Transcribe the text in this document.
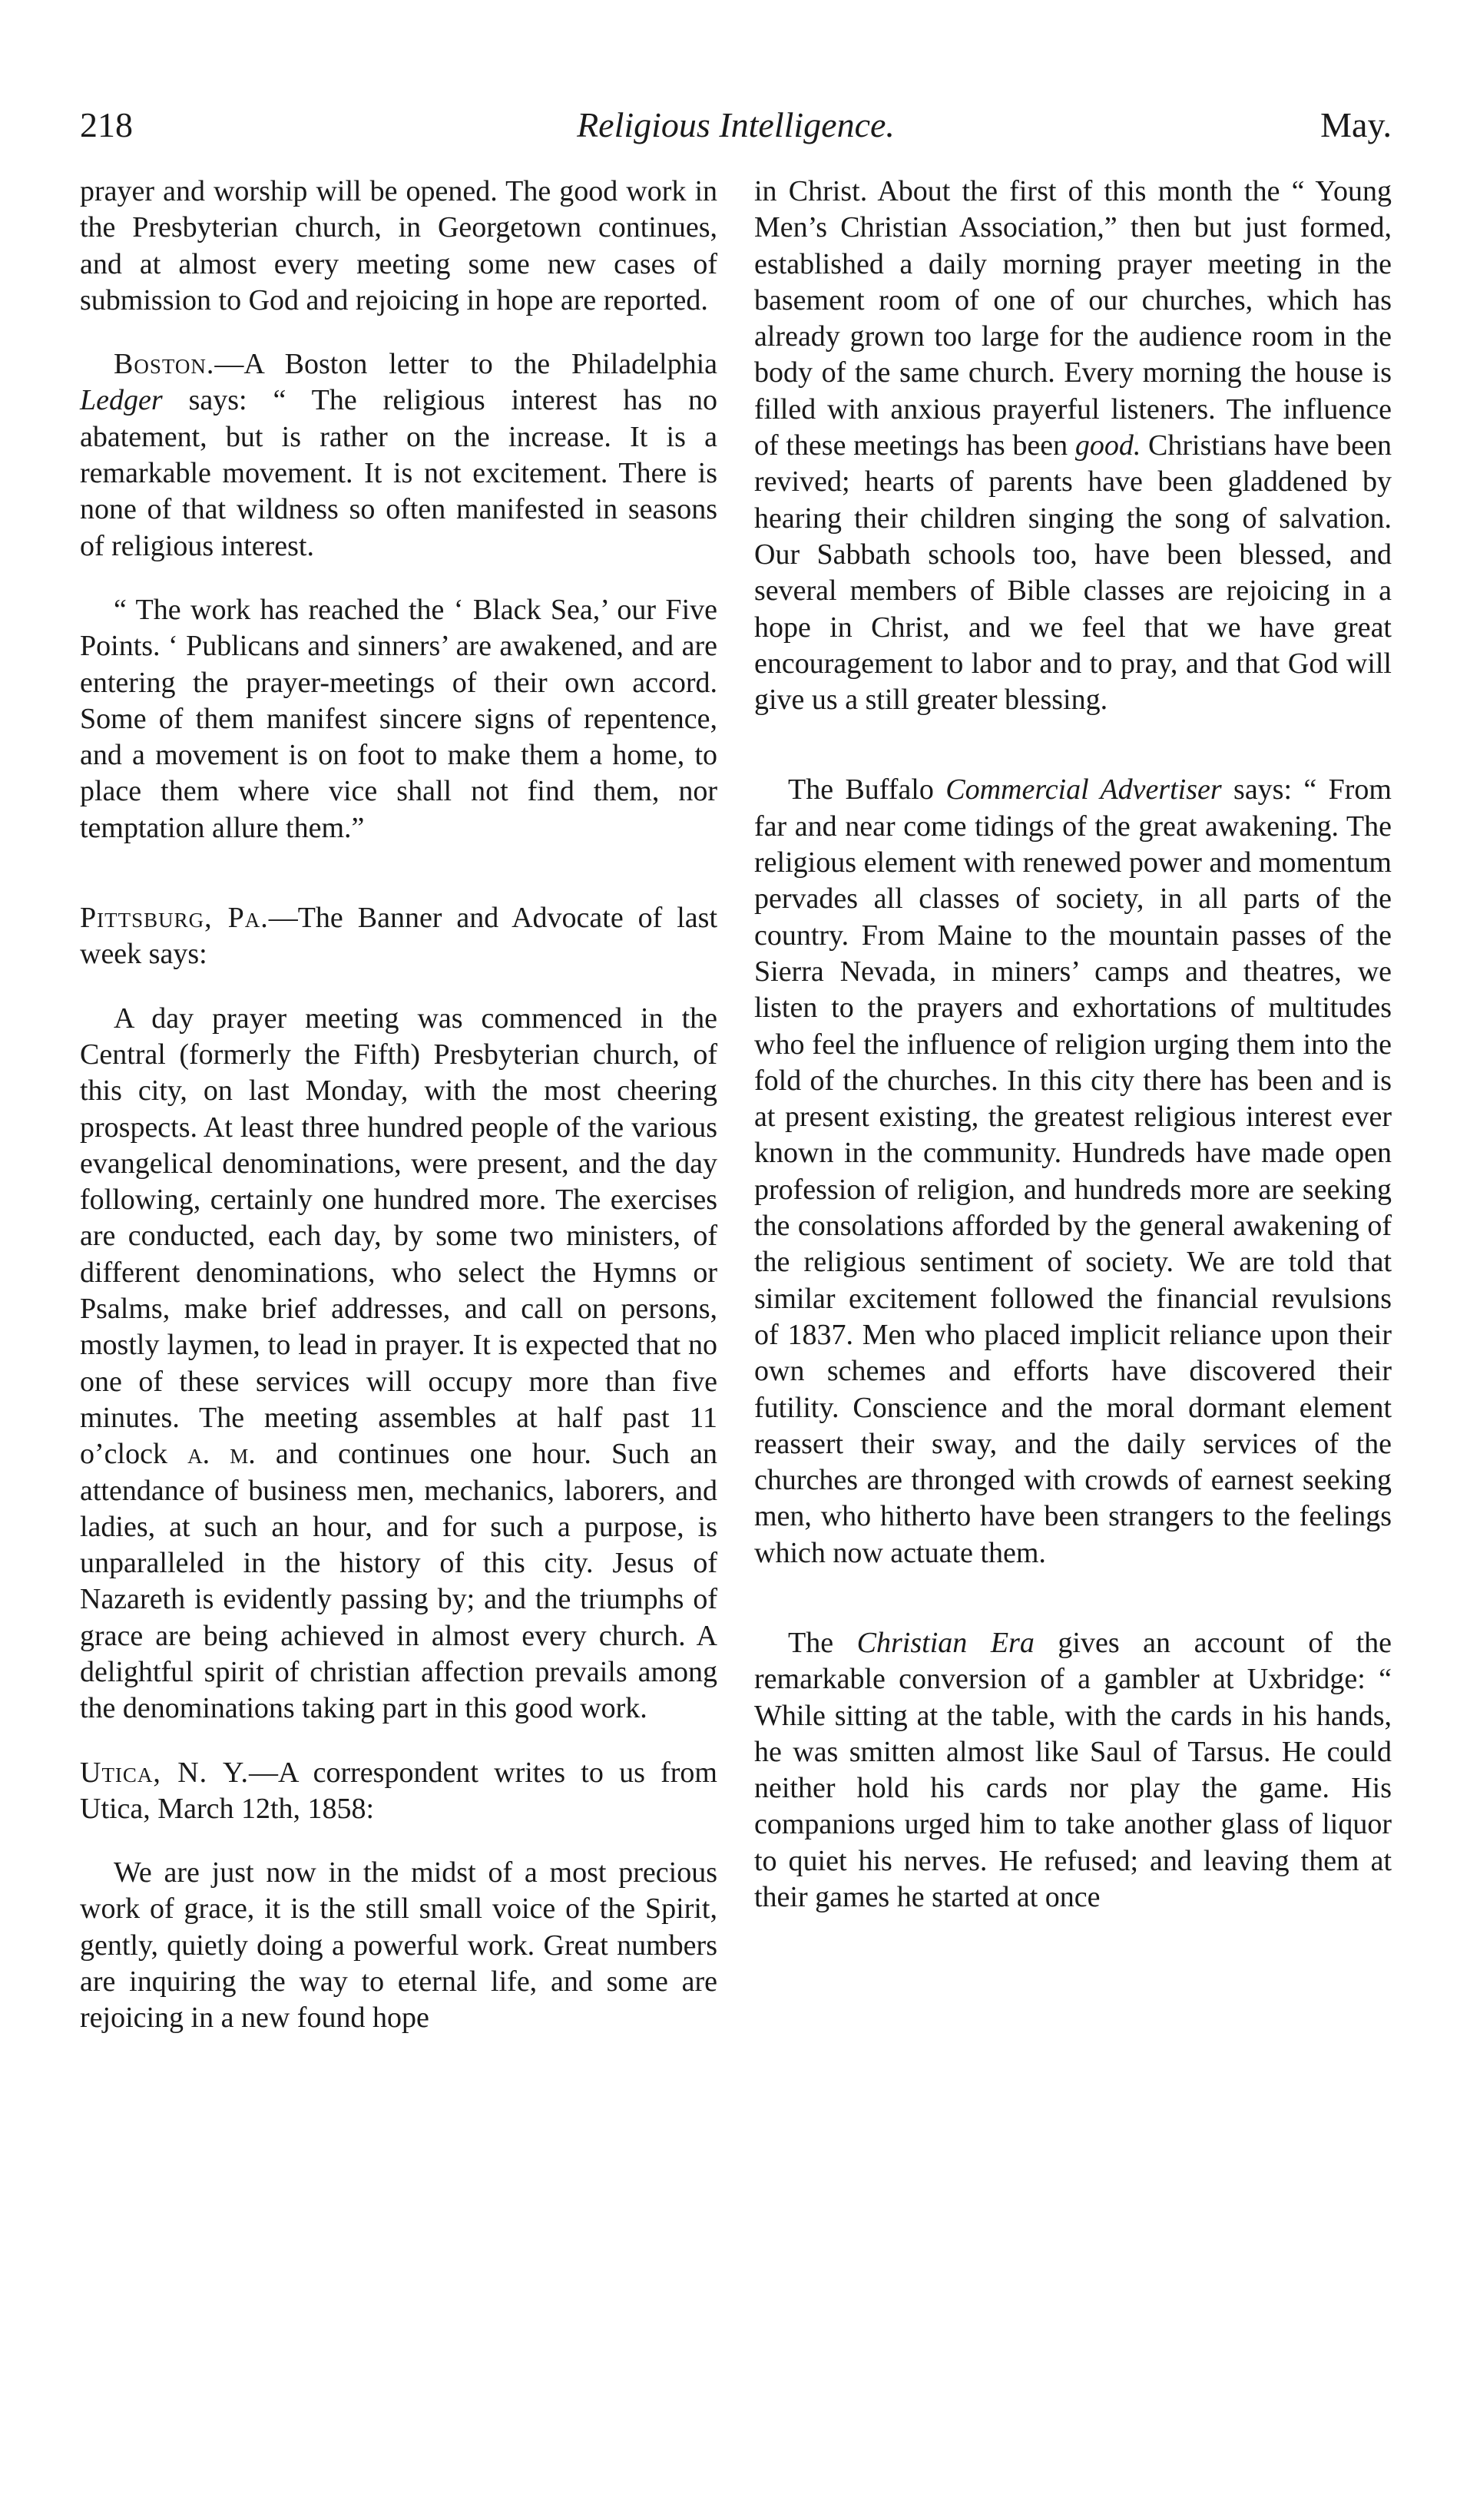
218	Religious Intelligence.	May.

prayer and worship will be opened. The good work in the Presbyterian church, in Georgetown continues, and at almost every meeting some new cases of submission to God and rejoicing in hope are reported.

Boston.—A Boston letter to the Philadelphia Ledger says: “ The religious interest has no abatement, but is rather on the increase. It is a remarkable movement. It is not excitement. There is none of that wildness so often manifested in seasons of religious interest.

“ The work has reached the ‘ Black Sea,’ our Five Points. ‘ Publicans and sinners’ are awakened, and are entering the prayer-meetings of their own accord. Some of them manifest sincere signs of repentence, and a movement is on foot to make them a home, to place them where vice shall not find them, nor temptation allure them.”

Pittsburg, Pa.—The Banner and Advocate of last week says:

A day prayer meeting was commenced in the Central (formerly the Fifth) Presbyterian church, of this city, on last Monday, with the most cheering prospects. At least three hundred people of the various evangelical denominations, were present, and the day following, certainly one hundred more. The exercises are conducted, each day, by some two ministers, of different denominations, who select the Hymns or Psalms, make brief addresses, and call on persons, mostly laymen, to lead in prayer. It is expected that no one of these services will occupy more than five minutes. The meeting assembles at half past 11 o’clock a. m. and continues one hour. Such an attendance of business men, mechanics, laborers, and ladies, at such an hour, and for such a purpose, is unparalleled in the history of this city. Jesus of Nazareth is evidently passing by; and the triumphs of grace are being achieved in almost every church. A delightful spirit of christian affection prevails among the denominations taking part in this good work.

Utica, N. Y.—A correspondent writes to us from Utica, March 12th, 1858:

We are just now in the midst of a most precious work of grace, it is the still small voice of the Spirit, gently, quietly doing a powerful work. Great numbers are inquiring the way to eternal life, and some are rejoicing in a new found hope

in Christ. About the first of this month the “ Young Men’s Christian Association,” then but just formed, established a daily morning prayer meeting in the basement room of one of our churches, which has already grown too large for the audience room in the body of the same church. Every morning the house is filled with anxious prayerful listeners. The influence of these meetings has been good. Christians have been revived; hearts of parents have been gladdened by hearing their children singing the song of salvation. Our Sabbath schools too, have been blessed, and several members of Bible classes are rejoicing in a hope in Christ, and we feel that we have great encouragement to labor and to pray, and that God will give us a still greater blessing.

The Buffalo Commercial Advertiser says: “ From far and near come tidings of the great awakening. The religious element with renewed power and momentum pervades all classes of society, in all parts of the country. From Maine to the mountain passes of the Sierra Nevada, in miners’ camps and theatres, we listen to the prayers and exhortations of multitudes who feel the influence of religion urging them into the fold of the churches. In this city there has been and is at present existing, the greatest religious interest ever known in the community. Hundreds have made open profession of religion, and hundreds more are seeking the consolations afforded by the general awakening of the religious sentiment of society. We are told that similar excitement followed the financial revulsions of 1837. Men who placed implicit reliance upon their own schemes and efforts have discovered their futility. Conscience and the moral dormant element reassert their sway, and the daily services of the churches are thronged with crowds of earnest seeking men, who hitherto have been strangers to the feelings which now actuate them.

The Christian Era gives an account of the remarkable conversion of a gambler at Uxbridge: “ While sitting at the table, with the cards in his hands, he was smitten almost like Saul of Tarsus. He could neither hold his cards nor play the game. His companions urged him to take another glass of liquor to quiet his nerves. He refused; and leaving them at their games he started at once
